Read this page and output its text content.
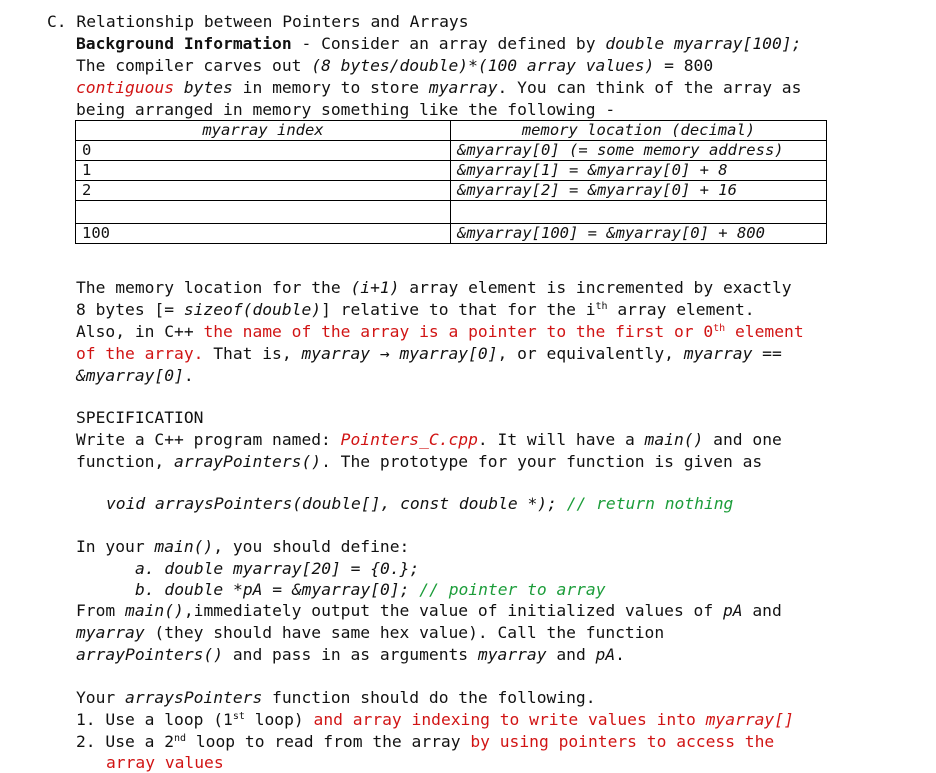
C. Relationship between Pointers and Arrays
Background Information - Consider an array defined by double myarray[100];
The compiler carves out (8 bytes/double)*(100 array values) = 800
contiguous bytes in memory to store myarray. You can think of the array as
being arranged in memory something like the following -
myarray index	memory location (decimal)
0	&myarray[0] (= some memory address)
1	&myarray[1] = &myarray[0] + 8
2	&myarray[2] = &myarray[0] + 16

100	&myarray[100] = &myarray[0] + 800
The memory location for the (i+1) array element is incremented by exactly
8 bytes [= sizeof(double)] relative to that for the $i^{th}$ array element.
Also, in C++ the name of the array is a pointer to the first or 0th element
of the array. That is, myarray → myarray[0], or equivalently, myarray ==
&myarray[0].
SPECIFICATION
Write a C++ program named: Pointers_C.cpp. It will have a main() and one
function, arrayPointers(). The prototype for your function is given as
void arraysPointers(double[], const double *); // return nothing
In your main(), you should define:
a. double myarray[20] = {0.};
b. double *pA = &myarray[0]; // pointer to array
From main(),immediately output the value of initialized values of pA and
myarray (they should have same hex value). Call the function
arrayPointers() and pass in as arguments myarray and pA.
Your arraysPointers function should do the following.
1. Use a loop (1st loop) and array indexing to write values into myarray[]
2. Use a 2nd loop to read from the array by using pointers to access the
array values
